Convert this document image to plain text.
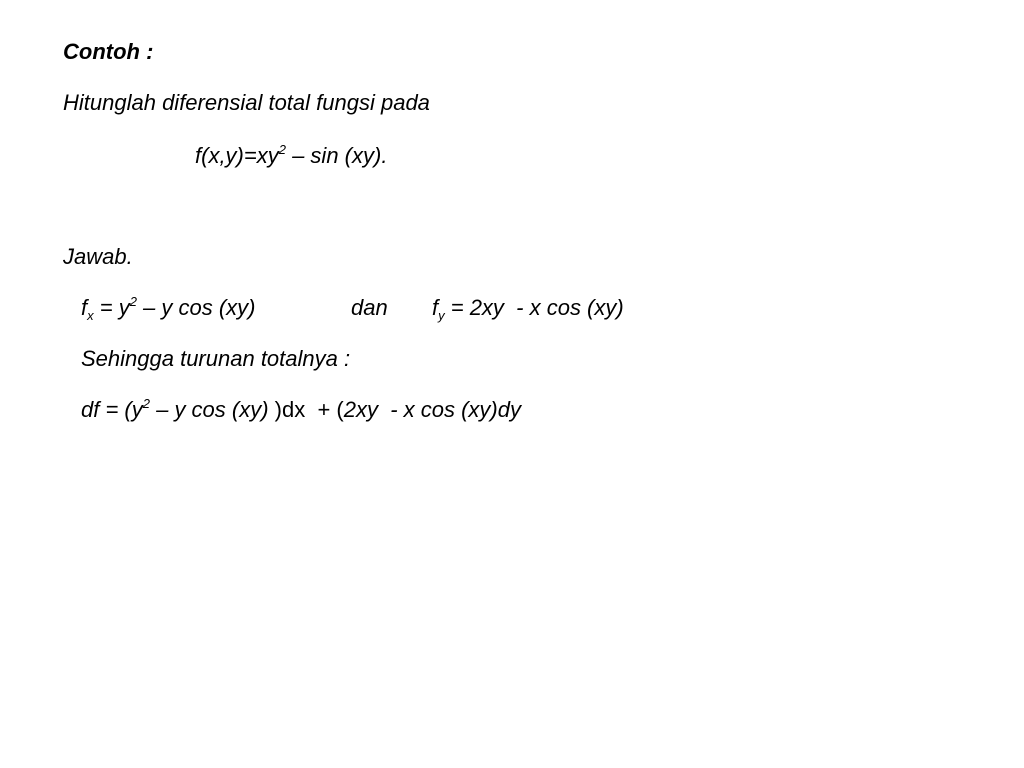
Contoh :
Hitunglah diferensial total fungsi pada
$f(x,y)=xy^2 - \sin (xy)$.
Jawab.
$f_x = y^2 - y$ cos (xy)	dan $f_y = 2xy - x$ cos (xy)
Sehingga turunan totalnya :
df = ($y^2$ – y cos (xy) )dx  + (2xy  - x cos (xy)dy
